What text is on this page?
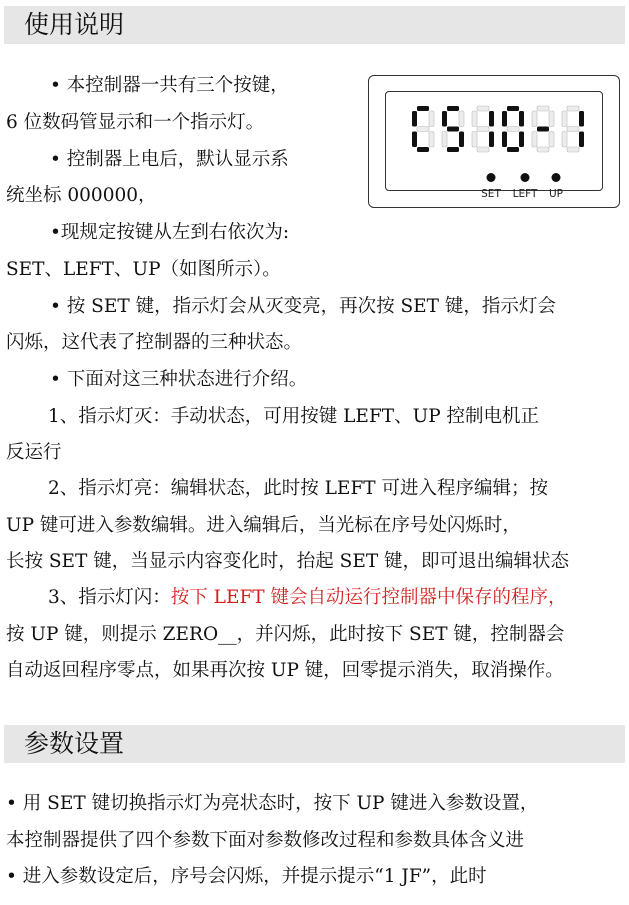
使用说明
• 本控制器一共有三个按键，
6 位数码管显示和一个指示灯。
• 控制器上电后，默认显示系
统坐标 000000，
•现规定按键从左到右依次为:
SET、LEFT、UP（如图所示）。
• 按 SET 键，指示灯会从灭变亮，再次按 SET 键，指示灯会
闪烁，这代表了控制器的三种状态。
• 下面对这三种状态进行介绍。
1、指示灯灭：手动状态，可用按键 LEFT、UP 控制电机正
反运行
2、指示灯亮：编辑状态，此时按 LEFT 可进入程序编辑；按
UP 键可进入参数编辑。进入编辑后，当光标在序号处闪烁时，
长按 SET 键，当显示内容变化时，抬起 SET 键，即可退出编辑状态
3、指示灯闪：按下 LEFT 键会自动运行控制器中保存的程序，
按 UP 键，则提示 ZERO__，并闪烁，此时按下 SET 键，控制器会
自动返回程序零点，如果再次按 UP 键，回零提示消失，取消操作。
SET LEFT UP
参数设置
• 用 SET 键切换指示灯为亮状态时，按下 UP 键进入参数设置，
本控制器提供了四个参数下面对参数修改过程和参数具体含义进
• 进入参数设定后，序号会闪烁，并提示提示“1 JF”，此时
